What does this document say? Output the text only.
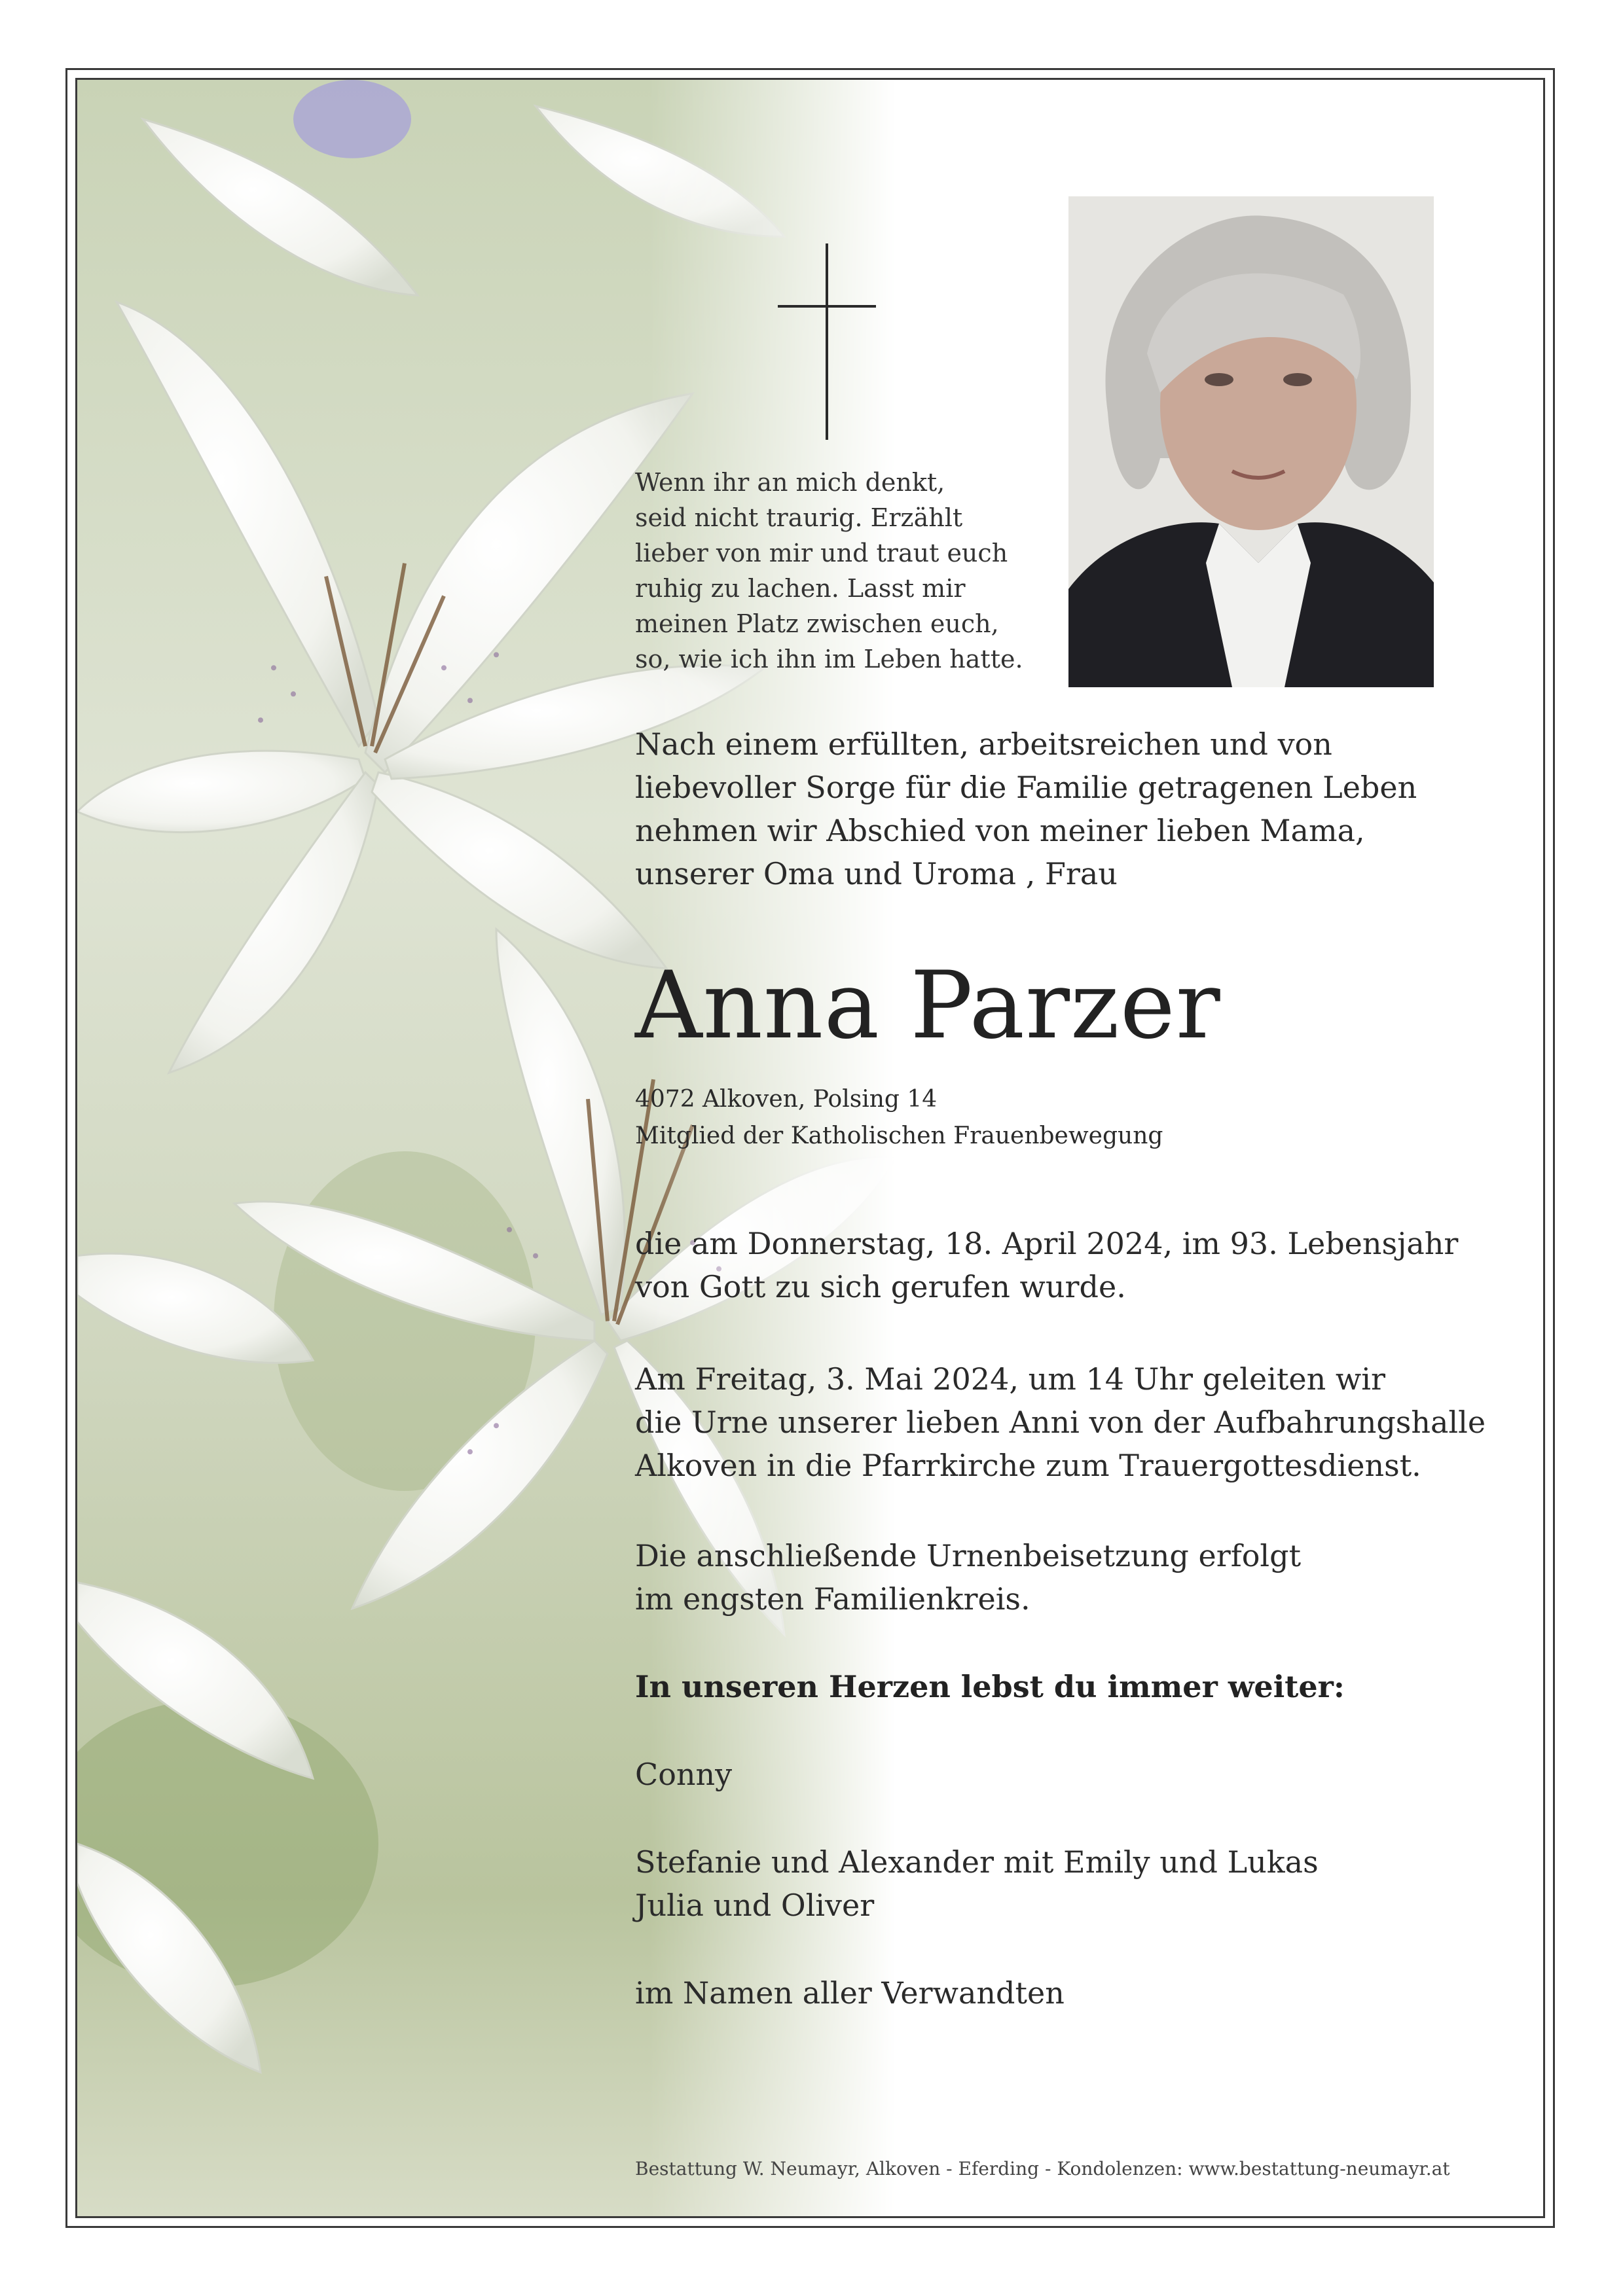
Wenn ihr an mich denkt,
seid nicht traurig. Erzählt
lieber von mir und traut euch
ruhig zu lachen. Lasst mir
meinen Platz zwischen euch,
so, wie ich ihn im Leben hatte.

Nach einem erfüllten, arbeitsreichen und von
liebevoller Sorge für die Familie getragenen Leben
nehmen wir Abschied von meiner lieben Mama,
unserer Oma und Uroma , Frau

Anna Parzer

4072 Alkoven, Polsing 14
Mitglied der Katholischen Frauenbewegung

die am Donnerstag, 18. April 2024, im 93. Lebensjahr
von Gott zu sich gerufen wurde.

Am Freitag, 3. Mai 2024, um 14 Uhr geleiten wir
die Urne unserer lieben Anni von der Aufbahrungshalle
Alkoven in die Pfarrkirche zum Trauergottesdienst.

Die anschließende Urnenbeisetzung erfolgt
im engsten Familienkreis.

In unseren Herzen lebst du immer weiter:

Conny

Stefanie und Alexander mit Emily und Lukas
Julia und Oliver

im Namen aller Verwandten

Bestattung W. Neumayr, Alkoven - Eferding - Kondolenzen: www.bestattung-neumayr.at
